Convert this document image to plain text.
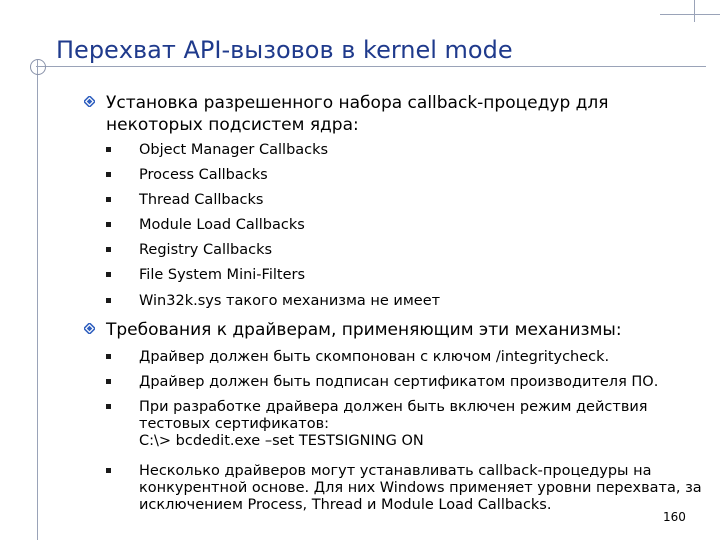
Перехват API-вызовов в kernel mode
Установка разрешенного набора callback-процедур для
некоторых подсистем ядра:
Object Manager Callbacks
Process Callbacks
Thread Callbacks
Module Load Callbacks
Registry Callbacks
File System Mini-Filters
Win32k.sys такого механизма не имеет
Требования к драйверам, применяющим эти механизмы:
Драйвер должен быть скомпонован с ключом /integritycheck.
Драйвер должен быть подписан сертификатом производителя ПО.
При разработке драйвера должен быть включен режим действия
тестовых сертификатов:
C:\> bcdedit.exe –set TESTSIGNING ON
Несколько драйверов могут устанавливать callback-процедуры на
конкурентной основе. Для них Windows применяет уровни перехвата, за
исключением Process, Thread и Module Load Callbacks.
160
